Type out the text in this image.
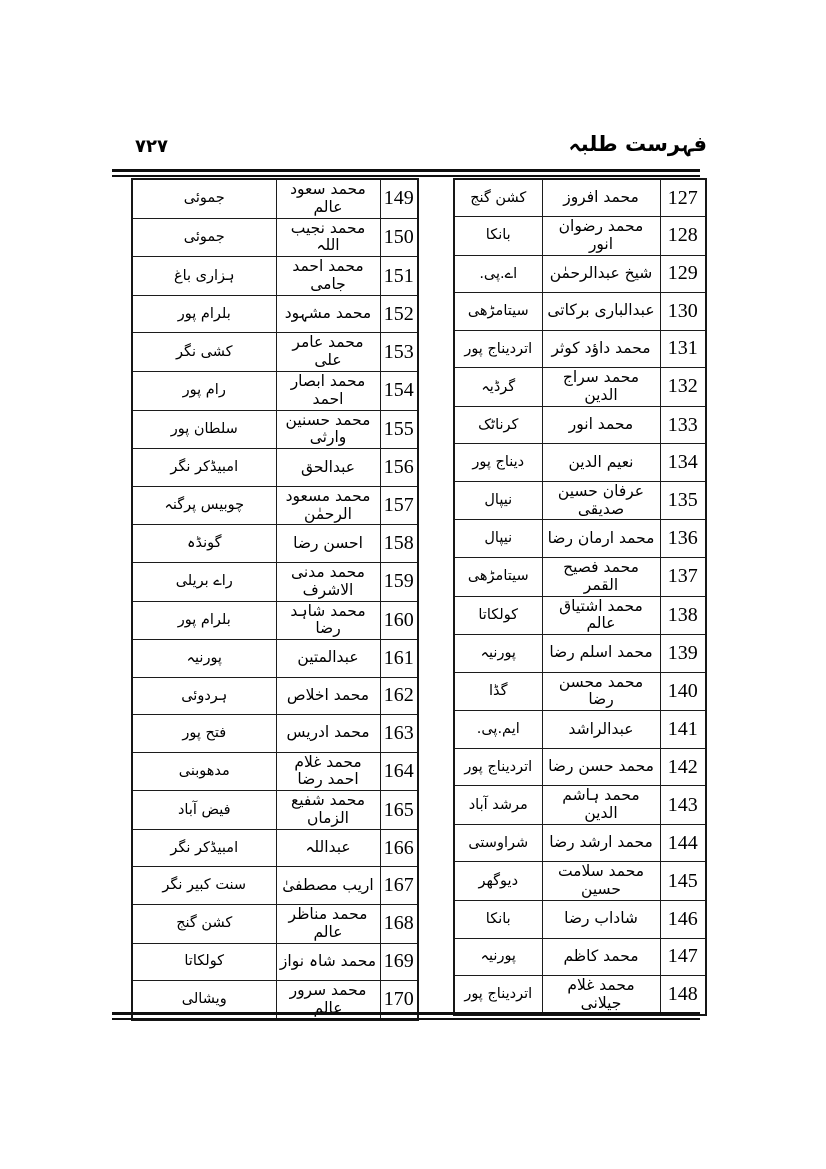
فہرست طلبہ
۷۲۷
127	محمد افروز	کشن گنج
128	محمد رضوان انور	بانکا
129	شیخ عبدالرحمٰن	اے.پی.
130	عبدالباری برکاتی	سیتامڑھی
131	محمد داؤد کوثر	اتردیناج پور
132	محمد سراج الدین	گرڈیہ
133	محمد انور	کرناٹک
134	نعیم الدین	دیناج پور
135	عرفان حسین صدیقی	نیپال
136	محمد ارمان رضا	نیپال
137	محمد فصیح القمر	سیتامڑھی
138	محمد اشتیاق عالم	کولکاتا
139	محمد اسلم رضا	پورنیہ
140	محمد محسن رضا	گڈا
141	عبدالراشد	ایم.پی.
142	محمد حسن رضا	اتردیناج پور
143	محمد ہاشم الدین	مرشد آباد
144	محمد ارشد رضا	شراوستی
145	محمد سلامت حسین	دیوگھر
146	شاداب رضا	بانکا
147	محمد کاظم	پورنیہ
148	محمد غلام جیلانی	اتردیناج پور
149	محمد سعود عالم	جموئی
150	محمد نجیب اللہ	جموئی
151	محمد احمد جامی	ہزاری باغ
152	محمد مشہود	بلرام پور
153	محمد عامر علی	کشی نگر
154	محمد ابصار احمد	رام پور
155	محمد حسنین وارثی	سلطان پور
156	عبدالحق	امبیڈکر نگر
157	محمد مسعود الرحمٰن	چوبیس پرگنہ
158	احسن رضا	گونڈہ
159	محمد مدنی الاشرف	راے بریلی
160	محمد شاہد رضا	بلرام پور
161	عبدالمتین	پورنیہ
162	محمد اخلاص	ہردوئی
163	محمد ادریس	فتح پور
164	محمد غلام احمد رضا	مدھوبنی
165	محمد شفیع الزماں	فیض آباد
166	عبداللہ	امبیڈکر نگر
167	اریب مصطفیٰ	سنت کبیر نگر
168	محمد مناظر عالم	کشن گنج
169	محمد شاہ نواز	کولکاتا
170	محمد سرور عالم	ویشالی
